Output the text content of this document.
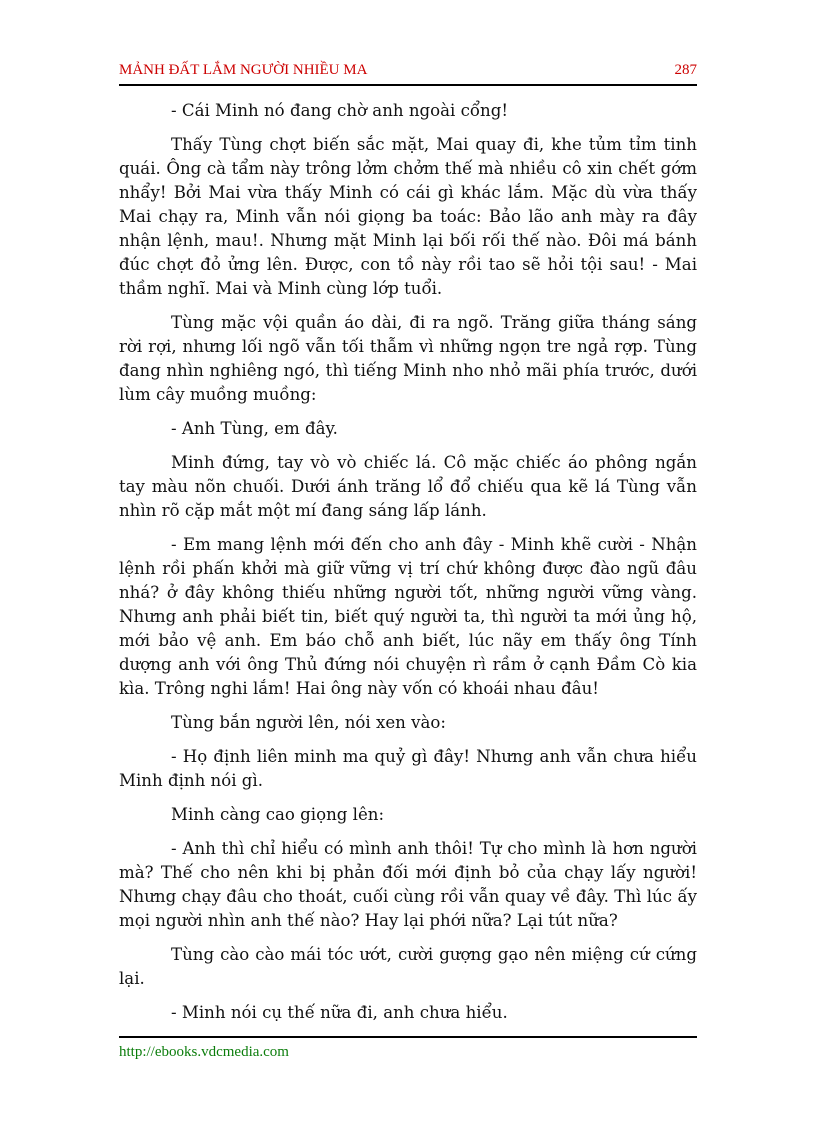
MẢNH ĐẤT LẮM NGƯỜI NHIỀU MA	287

- Cái Minh nó đang chờ anh ngoài cổng!

Thấy Tùng chợt biến sắc mặt, Mai quay đi, khe tủm tỉm tinh quái. Ông cà tẩm này trông lởm chởm thế mà nhiều cô xin chết gớm nhẩy! Bởi Mai vừa thấy Minh có cái gì khác lắm. Mặc dù vừa thấy Mai chạy ra, Minh vẫn nói giọng ba toác: Bảo lão anh mày ra đây nhận lệnh, mau!. Nhưng mặt Minh lại bối rối thế nào. Đôi má bánh đúc chợt đỏ ửng lên. Được, con tồ này rồi tao sẽ hỏi tội sau! - Mai thầm nghĩ. Mai và Minh cùng lớp tuổi.

Tùng mặc vội quần áo dài, đi ra ngõ. Trăng giữa tháng sáng rời rợi, nhưng lối ngõ vẫn tối thẫm vì những ngọn tre ngả rợp. Tùng đang nhìn nghiêng ngó, thì tiếng Minh nho nhỏ mãi phía trước, dưới lùm cây muồng muồng:

- Anh Tùng, em đây.

Minh đứng, tay vò vò chiếc lá. Cô mặc chiếc áo phông ngắn tay màu nõn chuối. Dưới ánh trăng lổ đổ chiếu qua kẽ lá Tùng vẫn nhìn rõ cặp mắt một mí đang sáng lấp lánh.

- Em mang lệnh mới đến cho anh đây - Minh khẽ cười - Nhận lệnh rồi phấn khởi mà giữ vững vị trí chứ không được đào ngũ đâu nhá? ở đây không thiếu những người tốt, những người vững vàng. Nhưng anh phải biết tin, biết quý người ta, thì người ta mới ủng hộ, mới bảo vệ anh. Em báo chỗ anh biết, lúc nãy em thấy ông Tính dượng anh với ông Thủ đứng nói chuyện rì rầm ở cạnh Đầm Cò kia kìa. Trông nghi lắm! Hai ông này vốn có khoái nhau đâu!

Tùng bắn người lên, nói xen vào:

- Họ định liên minh ma quỷ gì đây! Nhưng anh vẫn chưa hiểu Minh định nói gì.

Minh càng cao giọng lên:

- Anh thì chỉ hiểu có mình anh thôi! Tự cho mình là hơn người mà? Thế cho nên khi bị phản đối mới định bỏ của chạy lấy người! Nhưng chạy đâu cho thoát, cuối cùng rồi vẫn quay về đây. Thì lúc ấy mọi người nhìn anh thế nào? Hay lại phới nữa? Lại tút nữa?

Tùng cào cào mái tóc ướt, cười gượng gạo nên miệng cứ cứng lại.

- Minh nói cụ thế nữa đi, anh chưa hiểu.

http://ebooks.vdcmedia.com
